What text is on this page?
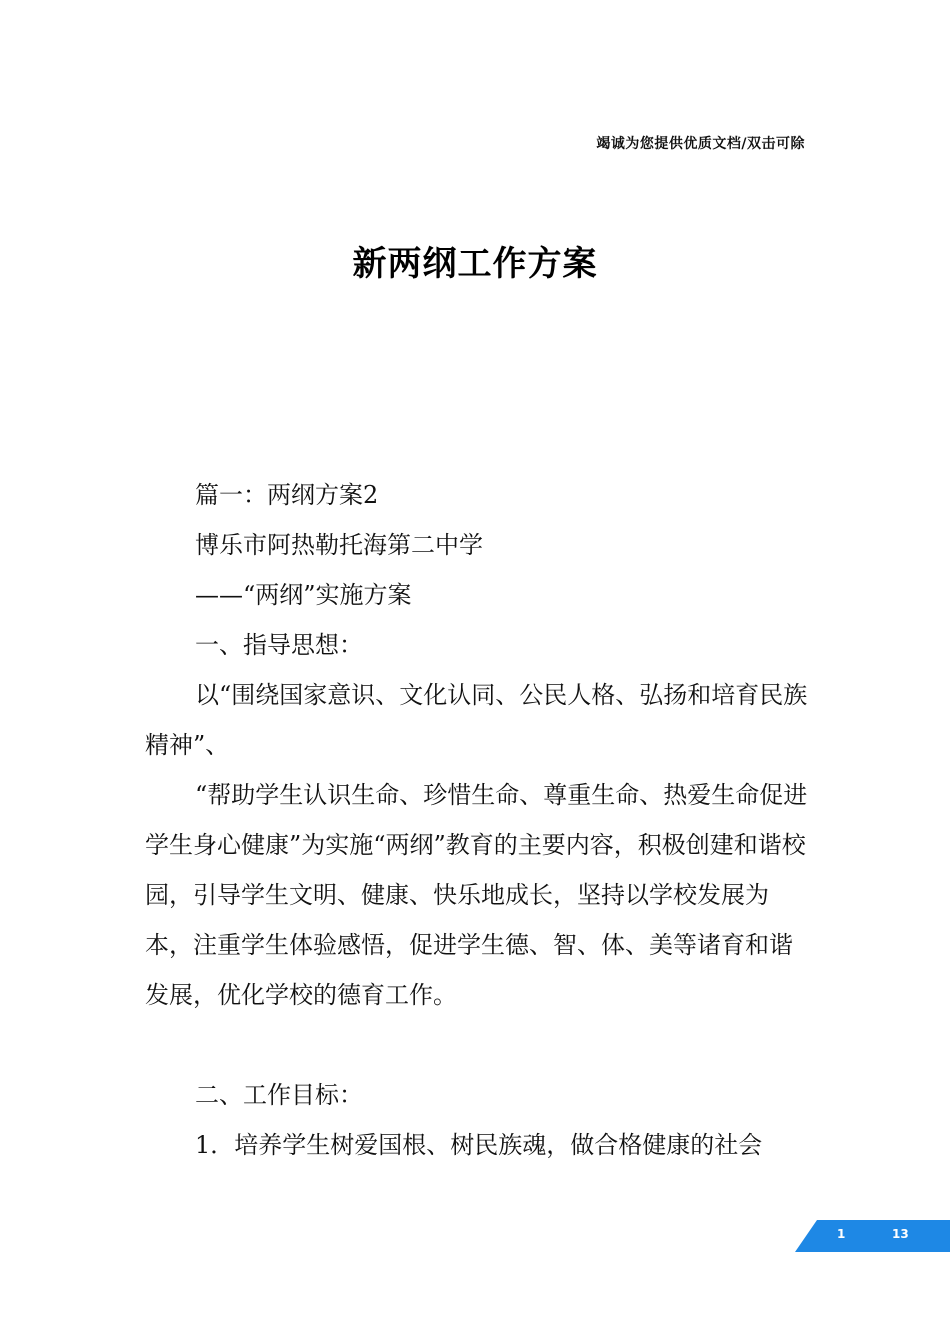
竭诚为您提供优质文档/双击可除
新两纲工作方案

篇一：两纲方案2

博乐市阿热勒托海第二中学

——“两纲”实施方案

一、指导思想：

以“围绕国家意识、文化认同、公民人格、弘扬和培育民族精神”、

“帮助学生认识生命、珍惜生命、尊重生命、热爱生命促进学生身心健康”为实施“两纲”教育的主要内容，积极创建和谐校园，引导学生文明、健康、快乐地成长，坚持以学校发展为本，注重学生体验感悟，促进学生德、智、体、美等诸育和谐发展，优化学校的德育工作。

二、工作目标：

1．培养学生树爱国根、树民族魂，做合格健康的社会

1	13
